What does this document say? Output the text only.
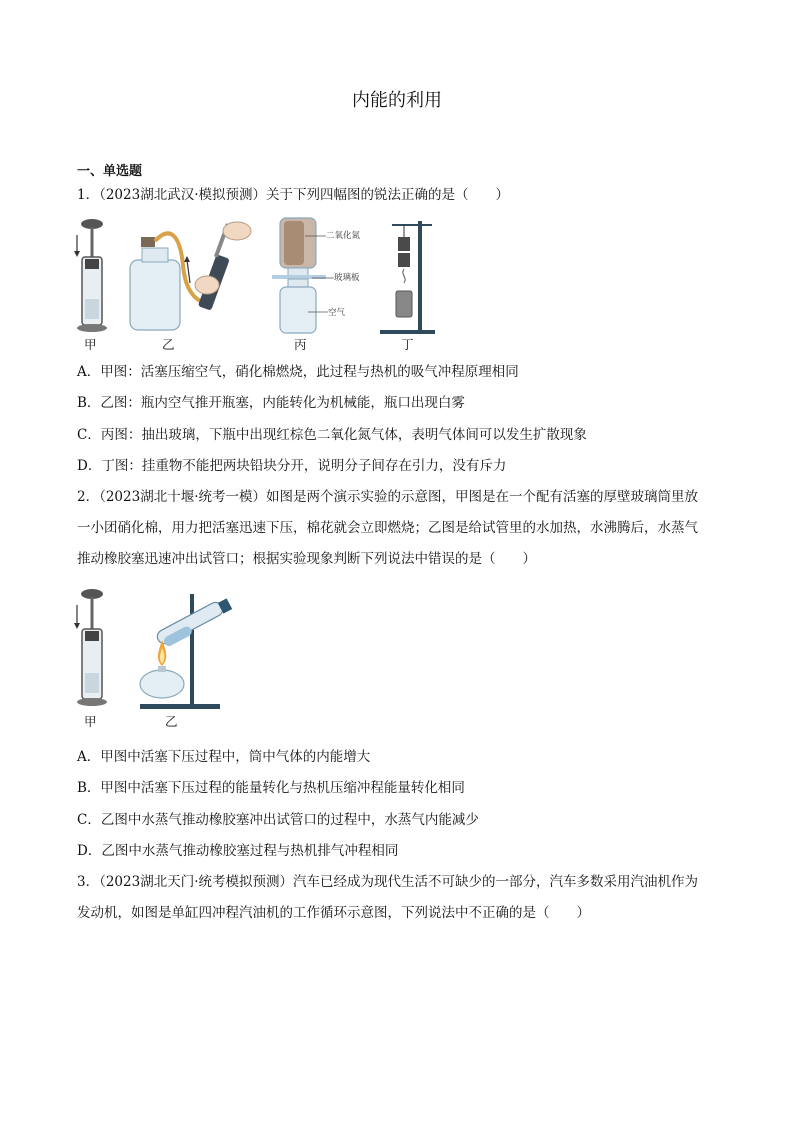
内能的利用
一、单选题
1．（2023湖北武汉·模拟预测）关于下列四幅图的锐法正确的是（　　）
甲	乙
二氧化氮
玻璃板
空气
丙	丁
A．甲图：活塞压缩空气，硝化棉燃烧，此过程与热机的吸气冲程原理相同
B．乙图：瓶内空气推开瓶塞，内能转化为机械能，瓶口出现白雾
C．丙图：抽出玻璃，下瓶中出现红棕色二氧化氮气体，表明气体间可以发生扩散现象
D．丁图：挂重物不能把两块铅块分开，说明分子间存在引力，没有斥力
2．（2023湖北十堰·统考一模）如图是两个演示实验的示意图，甲图是在一个配有活塞的厚壁玻璃筒里放
一小团硝化棉，用力把活塞迅速下压，棉花就会立即燃烧；乙图是给试管里的水加热，水沸腾后，水蒸气
推动橡胶塞迅速冲出试管口；根据实验现象判断下列说法中错误的是（　　）
甲	乙
A．甲图中活塞下压过程中，筒中气体的内能增大
B．甲图中活塞下压过程的能量转化与热机压缩冲程能量转化相同
C．乙图中水蒸气推动橡胶塞冲出试管口的过程中，水蒸气内能减少
D．乙图中水蒸气推动橡胶塞过程与热机排气冲程相同
3．（2023湖北天门·统考模拟预测）汽车已经成为现代生活不可缺少的一部分，汽车多数采用汽油机作为
发动机，如图是单缸四冲程汽油机的工作循环示意图，下列说法中不正确的是（　　）
